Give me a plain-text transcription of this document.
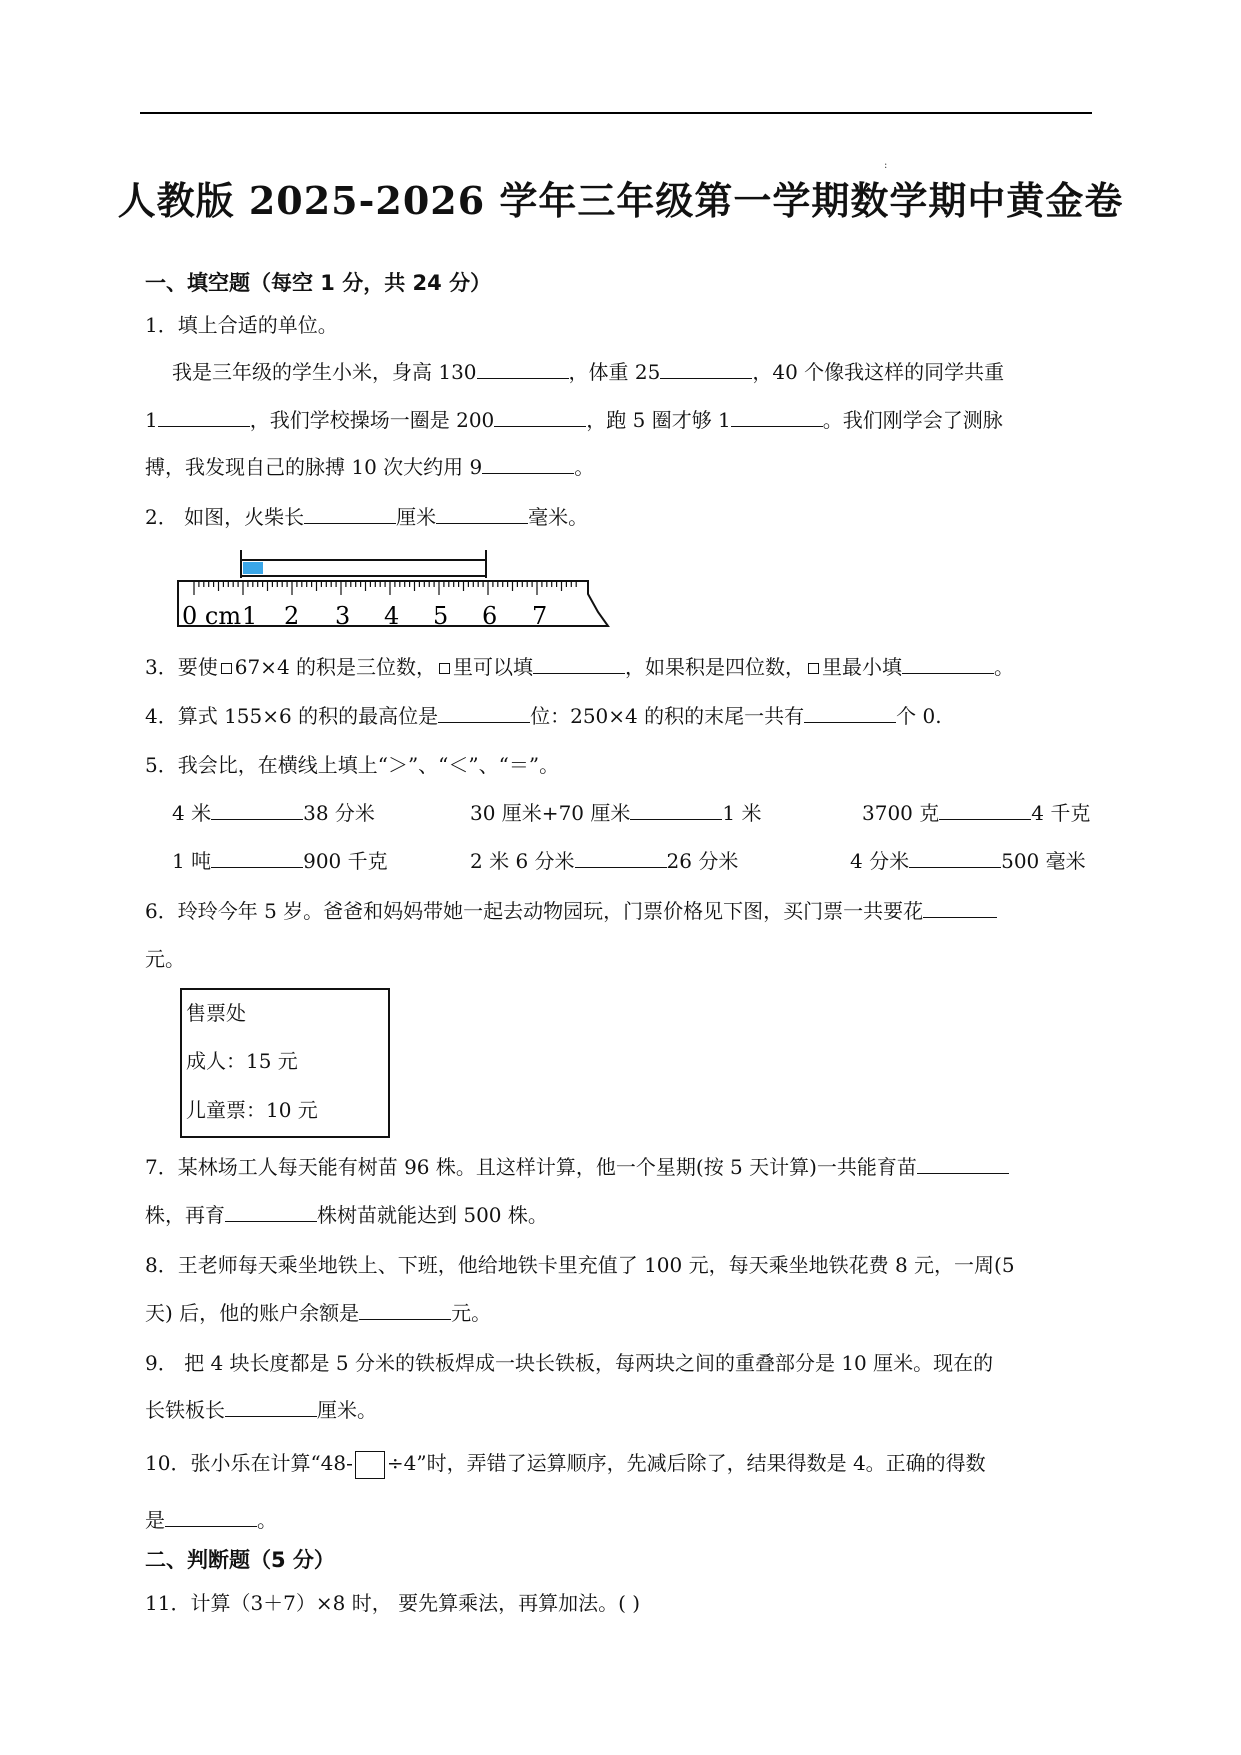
:
人教版 2025-2026 学年三年级第一学期数学期中黄金卷
一、填空题（每空 1 分，共 24 分）
1．填上合适的单位。
我是三年级的学生小米，身高 130	，体重 25	，40 个像我这样的同学共重
1	，我们学校操场一圈是 200	，跑 5 圈才够 1	。我们刚学会了测脉
搏，我发现自己的脉搏 10 次大约用 9	。
2． 如图，火柴长	厘米	毫米。
0 cm 1 2 3 4 5 6 7
3．要使 67×4 的积是三位数， 里可以填	，如果积是四位数， 里最小填	。
4．算式 155×6 的积的最高位是	位：250×4 的积的末尾一共有	个 0.
5．我会比，在横线上填上“＞”、“＜”、“＝”。
4 米	38 分米	30 厘米+70 厘米	1 米	3700 克	4 千克
1 吨	900 千克	2 米 6 分米	26 分米	4 分米	500 毫米
6．玲玲今年 5 岁。爸爸和妈妈带她一起去动物园玩，门票价格见下图，买门票一共要花
元。
售票处
成人：15 元
儿童票：10 元
7．某林场工人每天能有树苗 96 株。且这样计算，他一个星期(按 5 天计算)一共能育苗
株，再育	株树苗就能达到 500 株。
8．王老师每天乘坐地铁上、下班，他给地铁卡里充值了 100 元，每天乘坐地铁花费 8 元，一周(5
天) 后，他的账户余额是	元。
9． 把 4 块长度都是 5 分米的铁板焊成一块长铁板，每两块之间的重叠部分是 10 厘米。现在的
长铁板长	厘米。
10．张小乐在计算“48- ÷4”时，弄错了运算顺序，先减后除了，结果得数是 4。正确的得数
是	。
二、判断题（5 分）
11．计算（3＋7）×8 时， 要先算乘法，再算加法。( )
